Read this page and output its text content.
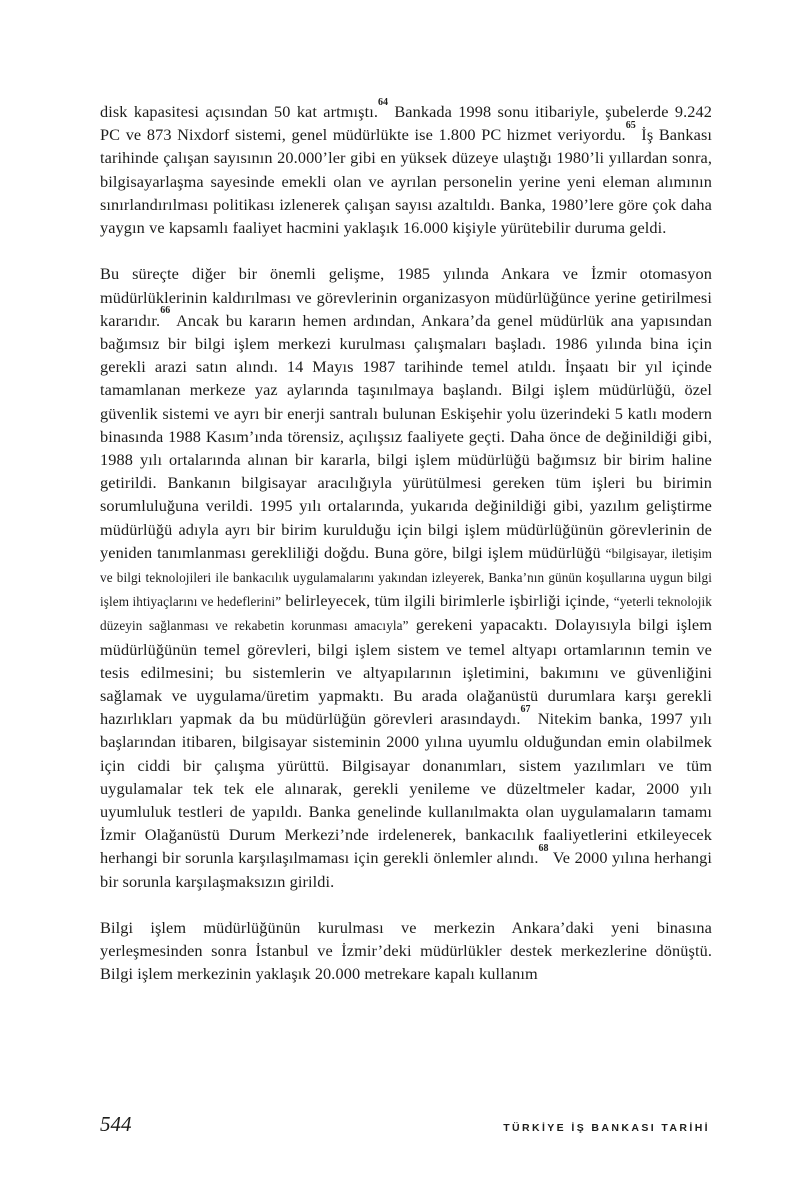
disk kapasitesi açısından 50 kat artmıştı.$^{64}$ Bankada 1998 sonu itibariyle, şubelerde 9.242 PC ve 873 Nixdorf sistemi, genel müdürlükte ise 1.800 PC hizmet veriyordu.$^{65}$ İş Bankası tarihinde çalışan sayısının 20.000’ler gibi en yüksek düzeye ulaştığı 1980’li yıllardan sonra, bilgisayarlaşma sayesinde emekli olan ve ayrılan personelin yerine yeni eleman alımının sınırlandırılması politikası izlenerek çalışan sayısı azaltıldı. Banka, 1980’lere göre çok daha yaygın ve kapsamlı faaliyet hacmini yaklaşık 16.000 kişiyle yürütebilir duruma geldi.

Bu süreçte diğer bir önemli gelişme, 1985 yılında Ankara ve İzmir otomasyon müdürlüklerinin kaldırılması ve görevlerinin organizasyon müdürlüğünce yerine getirilmesi kararıdır.$^{66}$ Ancak bu kararın hemen ardından, Ankara’da genel müdürlük ana yapısından bağımsız bir bilgi işlem merkezi kurulması çalışmaları başladı. 1986 yılında bina için gerekli arazi satın alındı. 14 Mayıs 1987 tarihinde temel atıldı. İnşaatı bir yıl içinde tamamlanan merkeze yaz aylarında taşınılmaya başlandı. Bilgi işlem müdürlüğü, özel güvenlik sistemi ve ayrı bir enerji santralı bulunan Eskişehir yolu üzerindeki 5 katlı modern binasında 1988 Kasım’ında törensiz, açılışsız faaliyete geçti. Daha önce de değinildiği gibi, 1988 yılı ortalarında alınan bir kararla, bilgi işlem müdürlüğü bağımsız bir birim haline getirildi. Bankanın bilgisayar aracılığıyla yürütülmesi gereken tüm işleri bu birimin sorumluluğuna verildi. 1995 yılı ortalarında, yukarıda değinildiği gibi, yazılım geliştirme müdürlüğü adıyla ayrı bir birim kurulduğu için bilgi işlem müdürlüğünün görevlerinin de yeniden tanımlanması gerekliliği doğdu. Buna göre, bilgi işlem müdürlüğü “bilgisayar, iletişim ve bilgi teknolojileri ile bankacılık uygulamalarını yakından izleyerek, Banka’nın günün koşullarına uygun bilgi işlem ihtiyaçlarını ve hedeflerini” belirleyecek, tüm ilgili birimlerle işbirliği içinde, “yeterli teknolojik düzeyin sağlanması ve rekabetin korunması amacıyla” gerekeni yapacaktı. Dolayısıyla bilgi işlem müdürlüğünün temel görevleri, bilgi işlem sistem ve temel altyapı ortamlarının temin ve tesis edilmesini; bu sistemlerin ve altyapılarının işletimini, bakımını ve güvenliğini sağlamak ve uygulama/üretim yapmaktı. Bu arada olağanüstü durumlara karşı gerekli hazırlıkları yapmak da bu müdürlüğün görevleri arasındaydı.$^{67}$ Nitekim banka, 1997 yılı başlarından itibaren, bilgisayar sisteminin 2000 yılına uyumlu olduğundan emin olabilmek için ciddi bir çalışma yürüttü. Bilgisayar donanımları, sistem yazılımları ve tüm uygulamalar tek tek ele alınarak, gerekli yenileme ve düzeltmeler kadar, 2000 yılı uyumluluk testleri de yapıldı. Banka genelinde kullanılmakta olan uygulamaların tamamı İzmir Olağanüstü Durum Merkezi’nde irdelenerek, bankacılık faaliyetlerini etkileyecek herhangi bir sorunla karşılaşılmaması için gerekli önlemler alındı.$^{68}$ Ve 2000 yılına herhangi bir sorunla karşılaşmaksızın girildi.

Bilgi işlem müdürlüğünün kurulması ve merkezin Ankara’daki yeni binasına yerleşmesinden sonra İstanbul ve İzmir’deki müdürlükler destek merkezlerine dönüştü. Bilgi işlem merkezinin yaklaşık 20.000 metrekare kapalı kullanım

544	TÜRKİYE İŞ BANKASI TARİHİ
